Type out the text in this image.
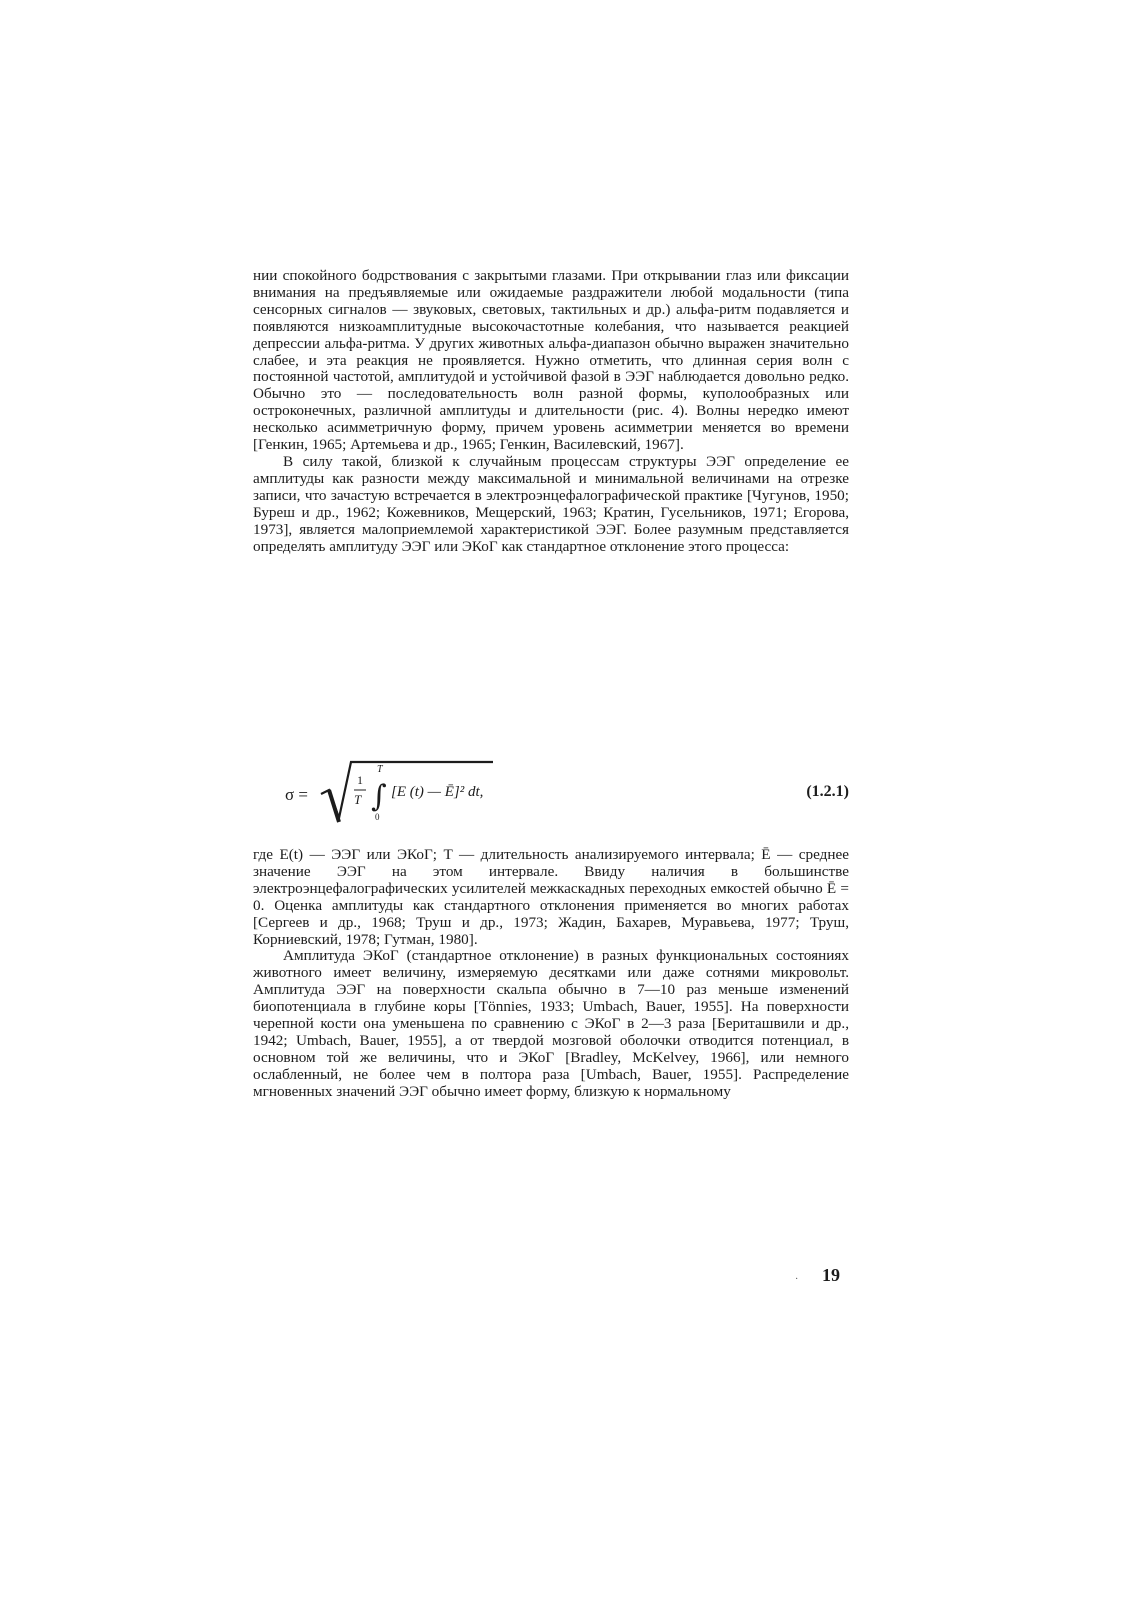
нии спокойного бодрствования с закрытыми глазами. При открывании глаз или фиксации внимания на предъявляемые или ожидаемые раздражители любой модальности (типа сенсорных сигналов — звуковых, световых, тактильных и др.) альфа-ритм подавляется и появляются низкоамплитудные высокочастотные колебания, что называется реакцией депрессии альфа-ритма. У других животных альфа-диапазон обычно выражен значительно слабее, и эта реакция не проявляется. Нужно отметить, что длинная серия волн с постоянной частотой, амплитудой и устойчивой фазой в ЭЭГ наблюдается довольно редко. Обычно это — последовательность волн разной формы, куполообразных или остроконечных, различной амплитуды и длительности (рис. 4). Волны нередко имеют несколько асимметричную форму, причем уровень асимметрии меняется во времени [Генкин, 1965; Артемьева и др., 1965; Генкин, Василевский, 1967].

В силу такой, близкой к случайным процессам структуры ЭЭГ определение ее амплитуды как разности между максимальной и минимальной величинами на отрезке записи, что зачастую встречается в электроэнцефалографической практике [Чугунов, 1950; Буреш и др., 1962; Кожевников, Мещерский, 1963; Кратин, Гусельников, 1971; Егорова, 1973], является малоприемлемой характеристикой ЭЭГ. Более разумным представляется определять амплитуду ЭЭГ или ЭКоГ как стандартное отклонение этого процесса:

σ =
1
T ∫
T
0
[E (t) — Ē]² dt,	(1.2.1)

где E(t) — ЭЭГ или ЭКоГ; T — длительность анализируемого интервала; Ē — среднее значение ЭЭГ на этом интервале. Ввиду наличия в большинстве электроэнцефалографических усилителей межкаскадных переходных емкостей обычно Ē = 0. Оценка амплитуды как стандартного отклонения применяется во многих работах [Сергеев и др., 1968; Труш и др., 1973; Жадин, Бахарев, Муравьева, 1977; Труш, Корниевский, 1978; Гутман, 1980].

Амплитуда ЭКоГ (стандартное отклонение) в разных функциональных состояниях животного имеет величину, измеряемую десятками или даже сотнями микровольт. Амплитуда ЭЭГ на поверхности скальпа обычно в 7—10 раз меньше изменений биопотенциала в глубине коры [Tönnies, 1933; Umbach, Bauer, 1955]. На поверхности черепной кости она уменьшена по сравнению с ЭКоГ в 2—3 раза [Бериташвили и др., 1942; Umbach, Bauer, 1955], а от твердой мозговой оболочки отводится потенциал, в основном той же величины, что и ЭКоГ [Bradley, McKelvey, 1966], или немного ослабленный, не более чем в полтора раза [Umbach, Bauer, 1955]. Распределение мгновенных значений ЭЭГ обычно имеет форму, близкую к нормальному

· 19
